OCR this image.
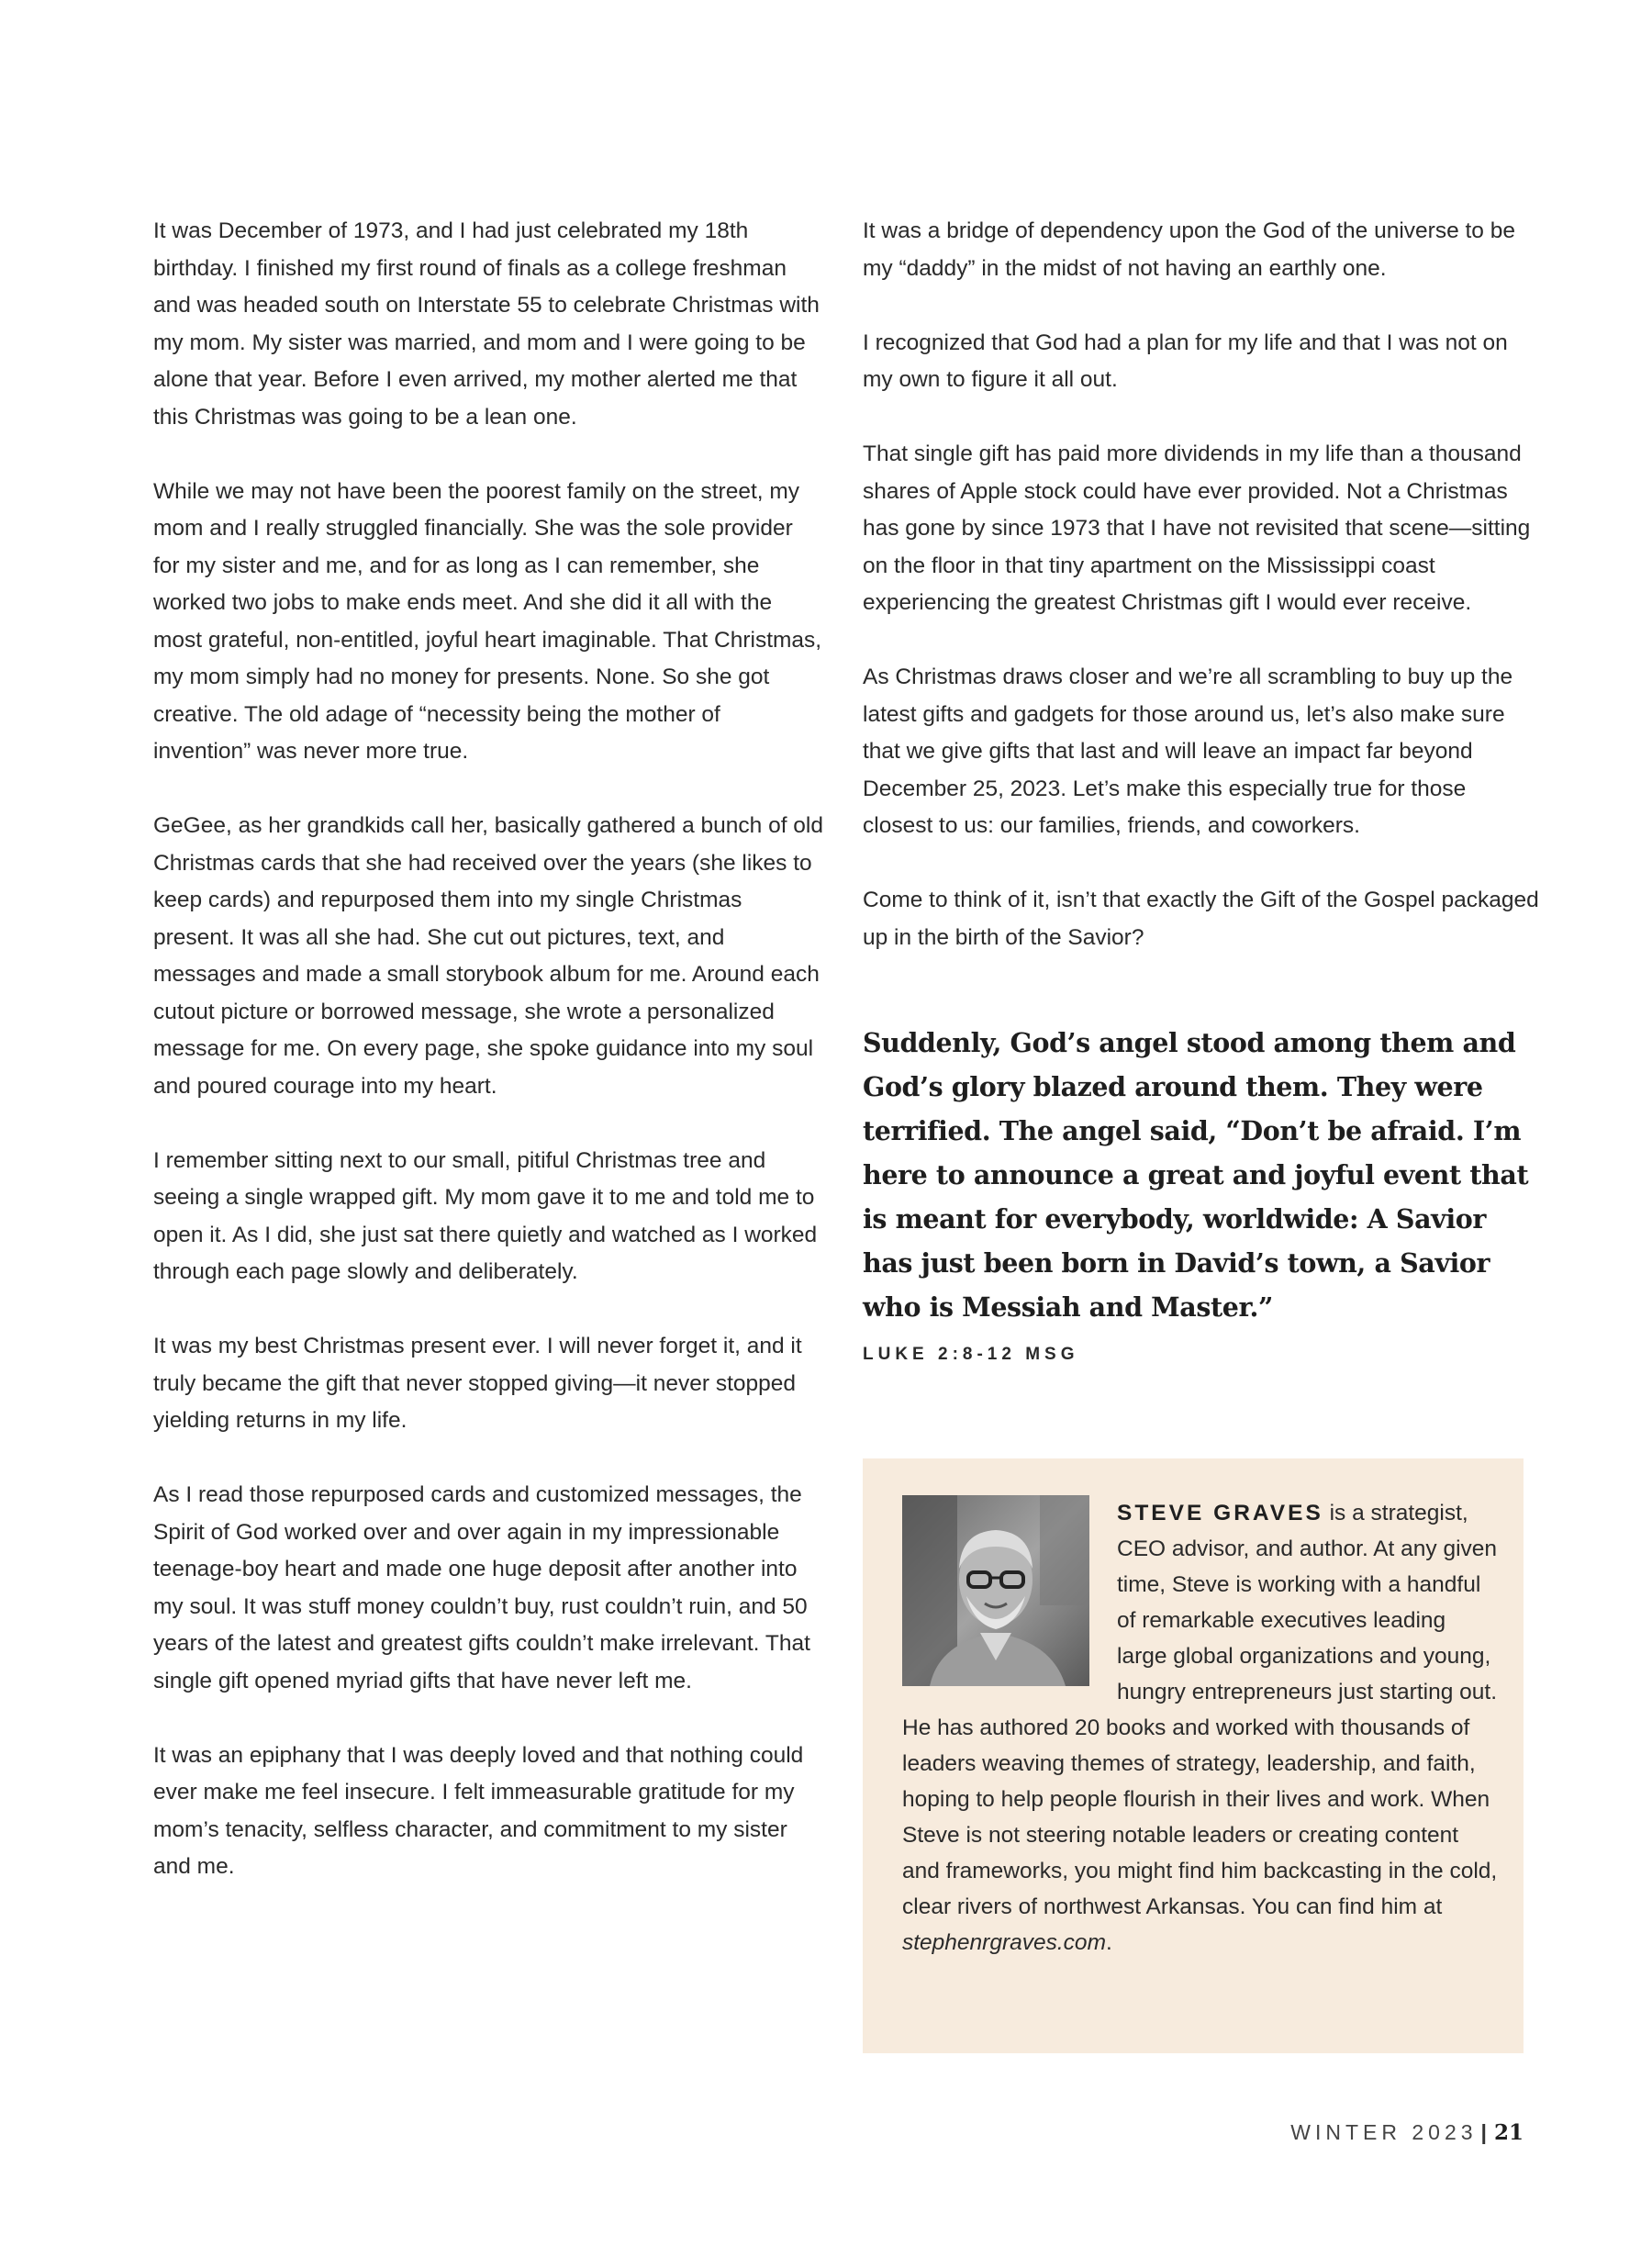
It was December of 1973, and I had just celebrated my 18th birthday. I finished my first round of finals as a college freshman and was headed south on Interstate 55 to celebrate Christmas with my mom. My sister was married, and mom and I were going to be alone that year. Before I even arrived, my mother alerted me that this Christmas was going to be a lean one.

While we may not have been the poorest family on the street, my mom and I really struggled financially. She was the sole provider for my sister and me, and for as long as I can remember, she worked two jobs to make ends meet. And she did it all with the most grateful, non-entitled, joyful heart imaginable. That Christmas, my mom simply had no money for presents. None. So she got creative. The old adage of “necessity being the mother of invention” was never more true.

GeGee, as her grandkids call her, basically gathered a bunch of old Christmas cards that she had received over the years (she likes to keep cards) and repurposed them into my single Christmas present. It was all she had. She cut out pictures, text, and messages and made a small storybook album for me. Around each cutout picture or borrowed message, she wrote a personalized message for me. On every page, she spoke guidance into my soul and poured courage into my heart.

I remember sitting next to our small, pitiful Christmas tree and seeing a single wrapped gift. My mom gave it to me and told me to open it. As I did, she just sat there quietly and watched as I worked through each page slowly and deliberately.

It was my best Christmas present ever. I will never forget it, and it truly became the gift that never stopped giving—it never stopped yielding returns in my life.

As I read those repurposed cards and customized messages, the Spirit of God worked over and over again in my impressionable teenage-boy heart and made one huge deposit after another into my soul. It was stuff money couldn’t buy, rust couldn’t ruin, and 50 years of the latest and greatest gifts couldn’t make irrelevant. That single gift opened myriad gifts that have never left me.

It was an epiphany that I was deeply loved and that nothing could ever make me feel insecure. I felt immeasurable gratitude for my mom’s tenacity, selfless character, and commitment to my sister and me.

It was a bridge of dependency upon the God of the universe to be my “daddy” in the midst of not having an earthly one.

I recognized that God had a plan for my life and that I was not on my own to figure it all out.

That single gift has paid more dividends in my life than a thousand shares of Apple stock could have ever provided. Not a Christmas has gone by since 1973 that I have not revisited that scene—sitting on the floor in that tiny apartment on the Mississippi coast experiencing the greatest Christmas gift I would ever receive.

As Christmas draws closer and we’re all scrambling to buy up the latest gifts and gadgets for those around us, let’s also make sure that we give gifts that last and will leave an impact far beyond December 25, 2023. Let’s make this especially true for those closest to us: our families, friends, and coworkers.

Come to think of it, isn’t that exactly the Gift of the Gospel packaged up in the birth of the Savior?

Suddenly, God’s angel stood among them and God’s glory blazed around them. They were terrified. The angel said, “Don’t be afraid. I’m here to announce a great and joyful event that is meant for everybody, worldwide: A Savior has just been born in David’s town, a Savior who is Messiah and Master.”
LUKE 2:8-12 MSG
STEVE GRAVES is a strategist, CEO advisor, and author. At any given time, Steve is working with a handful of remarkable executives leading large global organizations and young, hungry entrepreneurs just starting out. He has authored 20 books and worked with thousands of leaders weaving themes of strategy, leadership, and faith, hoping to help people flourish in their lives and work. When Steve is not steering notable leaders or creating content and frameworks, you might find him backcasting in the cold, clear rivers of northwest Arkansas. You can find him at stephenrgraves.com.
WINTER 2023 | 21
